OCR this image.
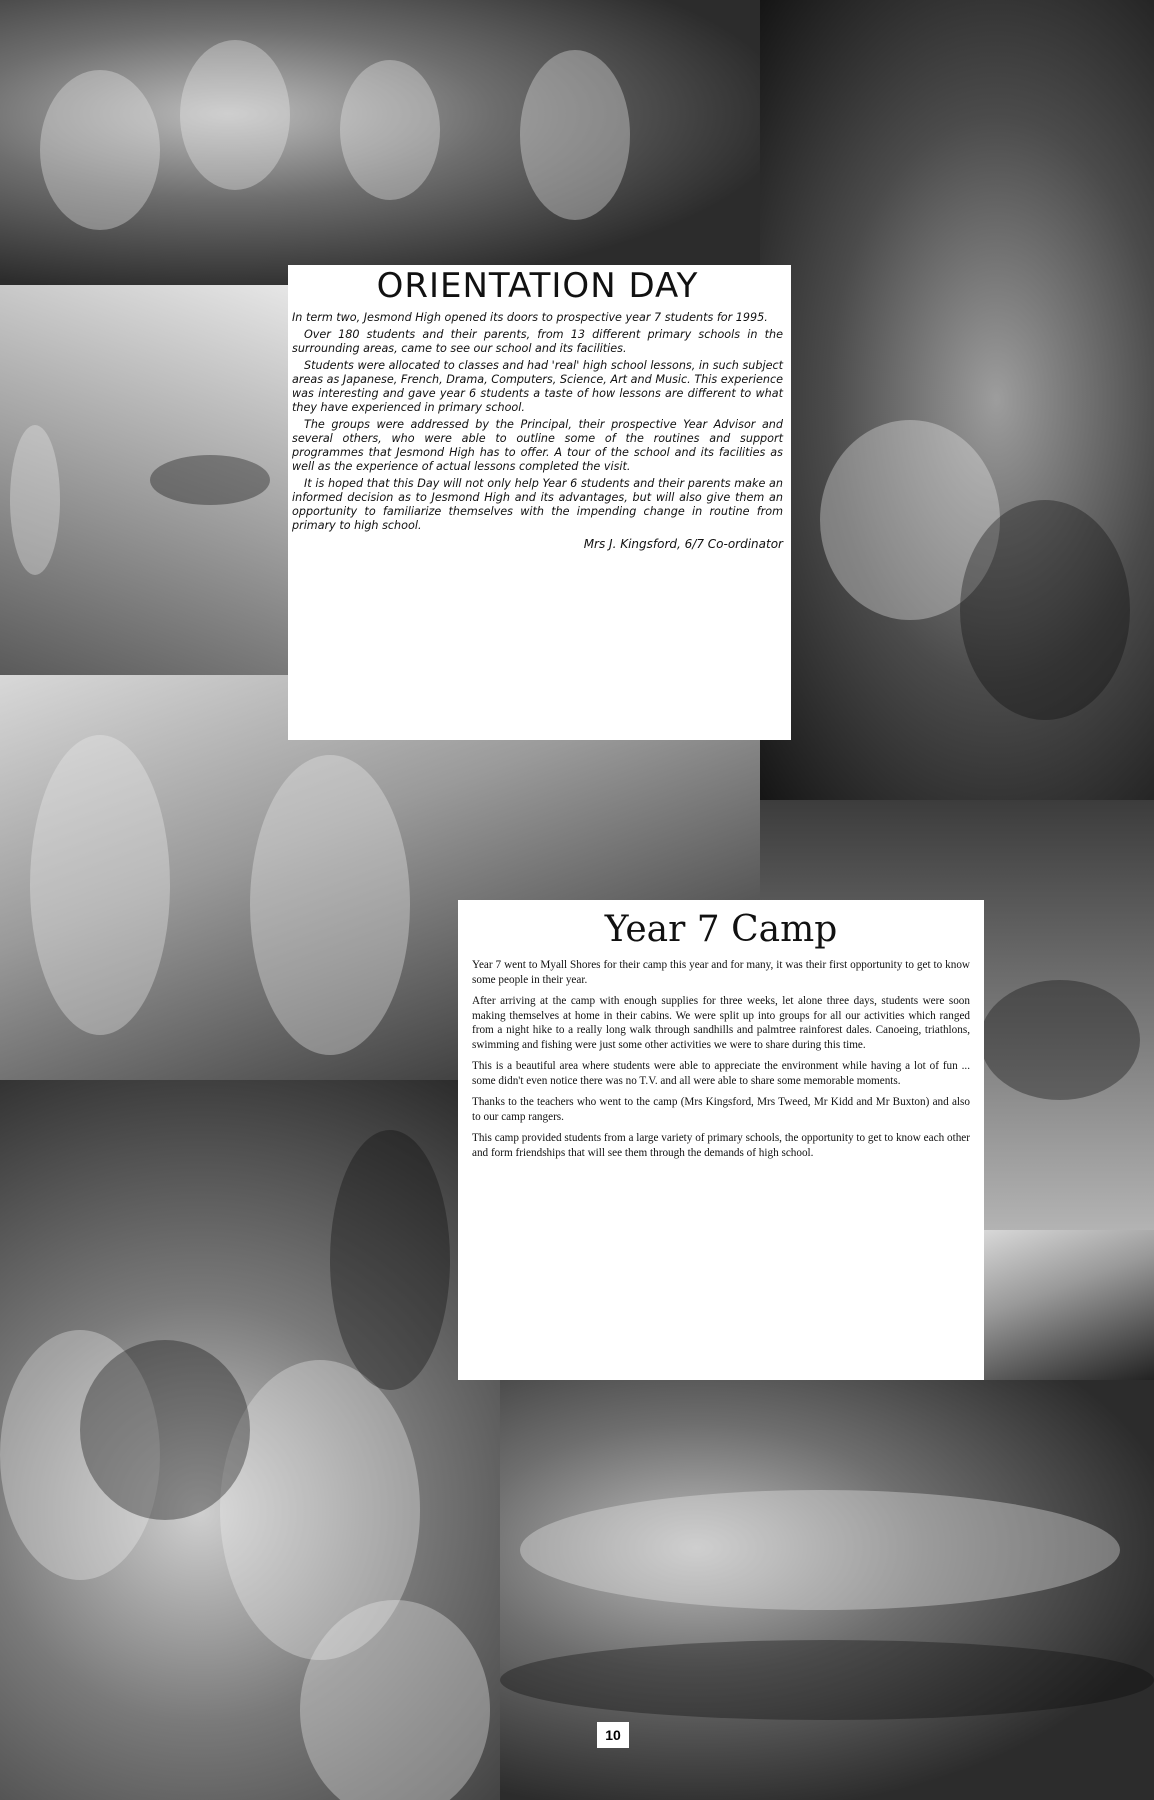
ORIENTATION DAY

In term two, Jesmond High opened its doors to prospective year 7 students for 1995.

Over 180 students and their parents, from 13 different primary schools in the surrounding areas, came to see our school and its facilities.

Students were allocated to classes and had 'real' high school lessons, in such subject areas as Japanese, French, Drama, Computers, Science, Art and Music. This experience was interesting and gave year 6 students a taste of how lessons are different to what they have experienced in primary school.

The groups were addressed by the Principal, their prospective Year Advisor and several others, who were able to outline some of the routines and support programmes that Jesmond High has to offer. A tour of the school and its facilities as well as the experience of actual lessons completed the visit.

It is hoped that this Day will not only help Year 6 students and their parents make an informed decision as to Jesmond High and its advantages, but will also give them an opportunity to familiarize themselves with the impending change in routine from primary to high school.

Mrs J. Kingsford, 6/7 Co-ordinator
Year 7 Camp

Year 7 went to Myall Shores for their camp this year and for many, it was their first opportunity to get to know some people in their year.

After arriving at the camp with enough supplies for three weeks, let alone three days, students were soon making themselves at home in their cabins. We were split up into groups for all our activities which ranged from a night hike to a really long walk through sandhills and palmtree rainforest dales. Canoeing, triathlons, swimming and fishing were just some other activities we were to share during this time.

This is a beautiful area where students were able to appreciate the environment while having a lot of fun ... some didn't even notice there was no T.V. and all were able to share some memorable moments.

Thanks to the teachers who went to the camp (Mrs Kingsford, Mrs Tweed, Mr Kidd and Mr Buxton) and also to our camp rangers.

This camp provided students from a large variety of primary schools, the opportunity to get to know each other and form friendships that will see them through the demands of high school.

10
